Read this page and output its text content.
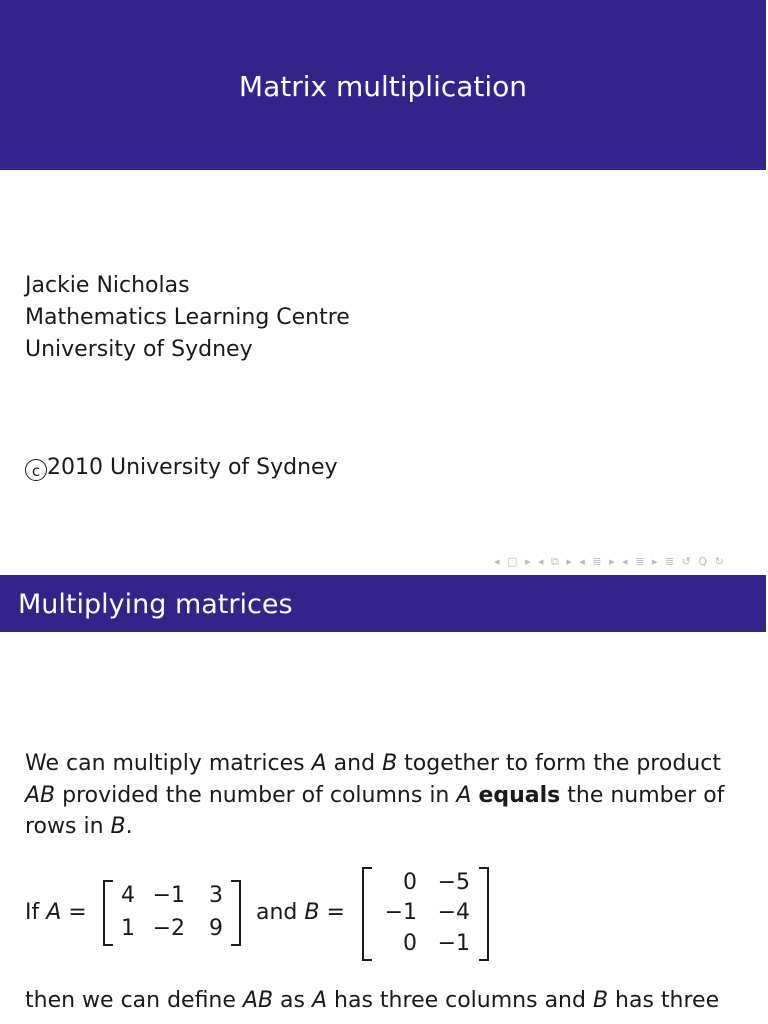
Matrix multiplication
Jackie Nicholas
Mathematics Learning Centre
University of Sydney
c 2010 University of Sydney
◂ □ ▸ ◂ ⧉ ▸ ◂ ≣ ▸ ◂ ≣ ▸ ≣ ↺ Q ↻
Multiplying matrices
We can multiply matrices A and B together to form the product
AB provided the number of columns in A equals the number of
rows in B.
If A =
4 −1	3
1 −2	9
and B =
0 −5
−1 −4
0 −1
then we can define AB as A has three columns and B has three
